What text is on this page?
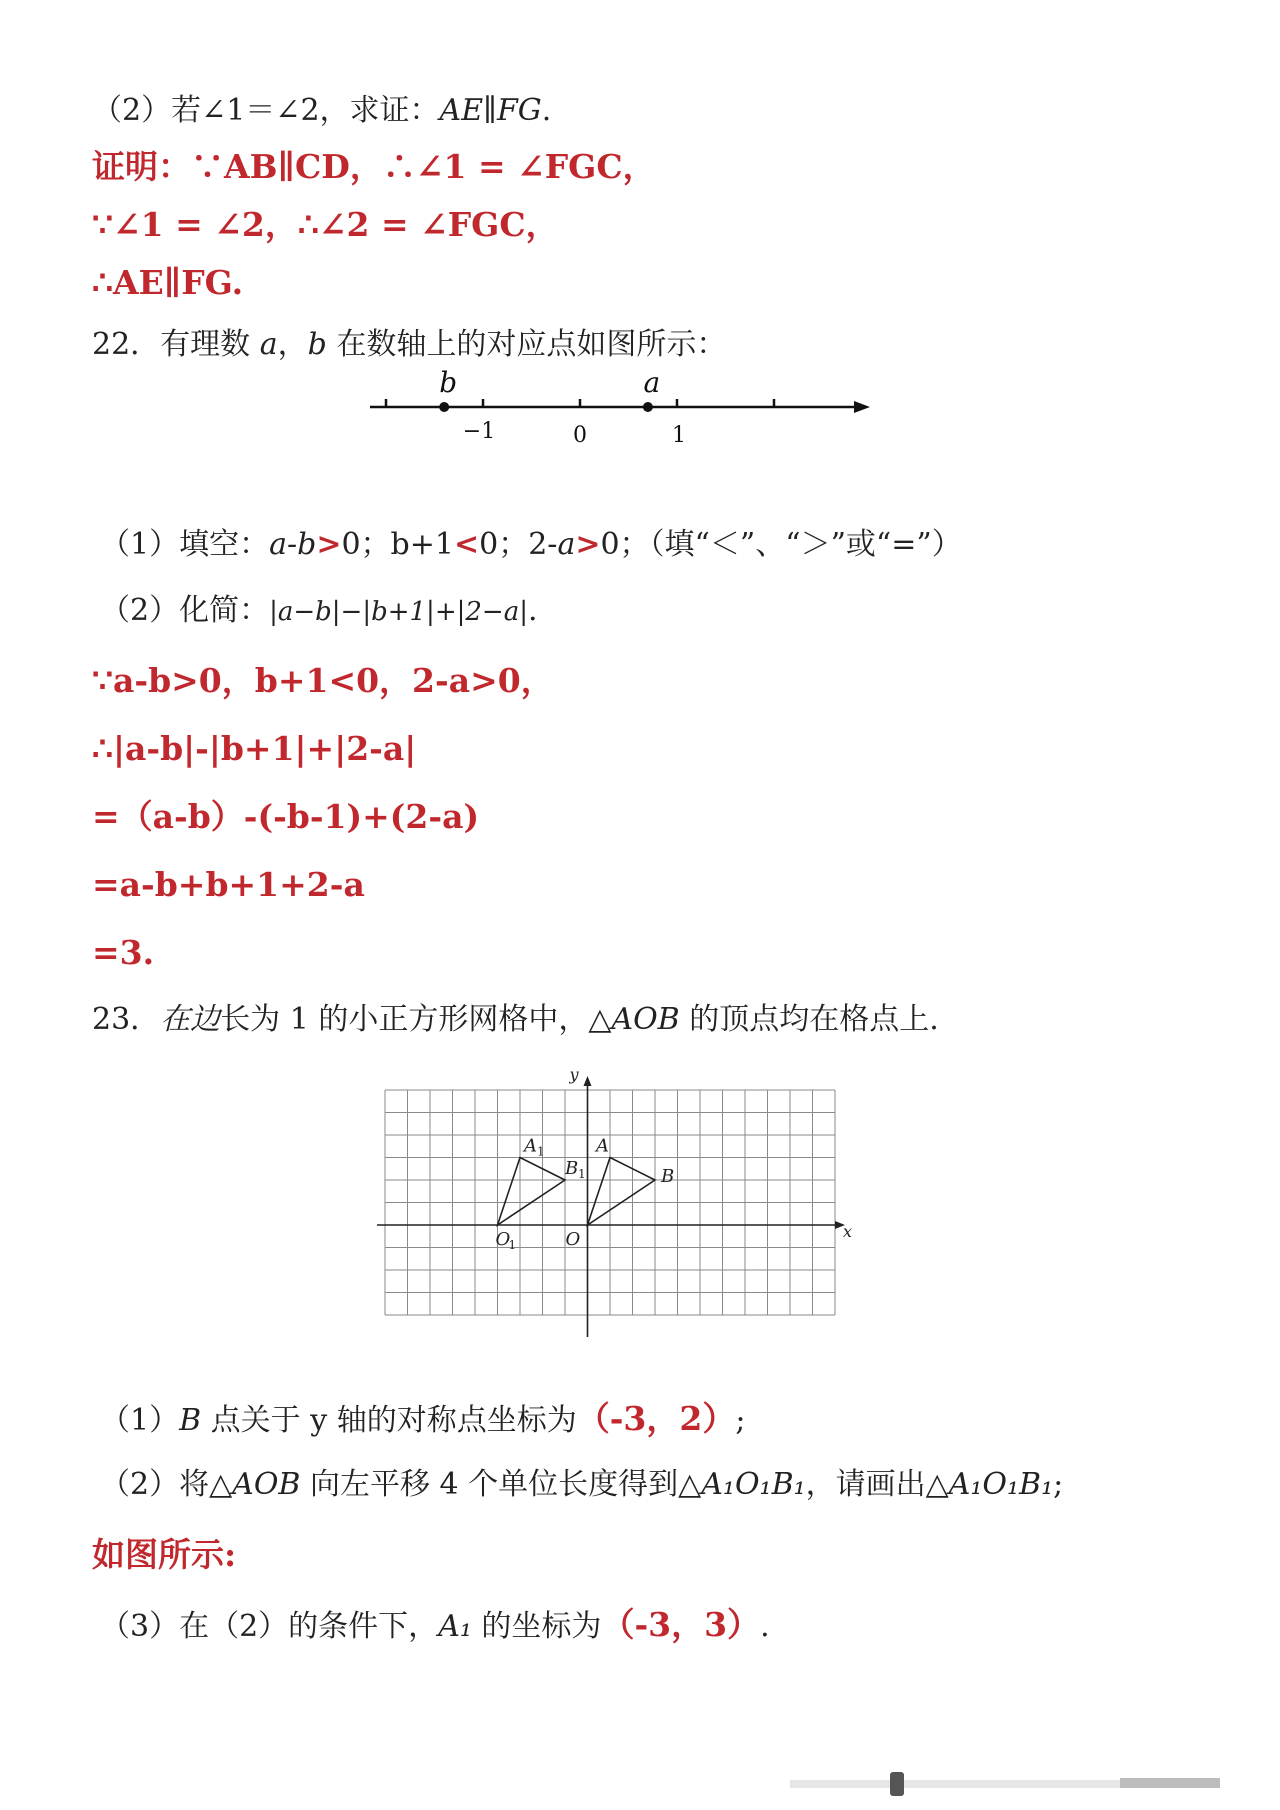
（2）若∠1＝∠2，求证：AE∥FG.
证明：∵AB∥CD，∴∠1 = ∠FGC，
∵∠1 = ∠2，∴∠2 = ∠FGC，
∴AE∥FG.
22．有理数 a，b 在数轴上的对应点如图所示：
b	a
−1	0	1
（1）填空：a-b>0；b+1<0；2-a>0；（填“＜”、“＞”或“=”）
（2）化简：|a−b|−|b+1|+|2−a|.
∵a-b>0，b+1<0，2-a>0，
∴|a-b|-|b+1|+|2-a|
=（a-b）-(-b-1)+(2-a)
=a-b+b+1+2-a
=3.
23．在边长为 1 的小正方形网格中，△AOB 的顶点均在格点上.
x
y
O
A
B
A 1
B 1
O
1
（1）B 点关于 y 轴的对称点坐标为（-3，2）;
（2）将△AOB 向左平移 4 个单位长度得到△A₁O₁B₁，请画出△A₁O₁B₁;
如图所示:
（3）在（2）的条件下，A₁ 的坐标为（-3，3）.
